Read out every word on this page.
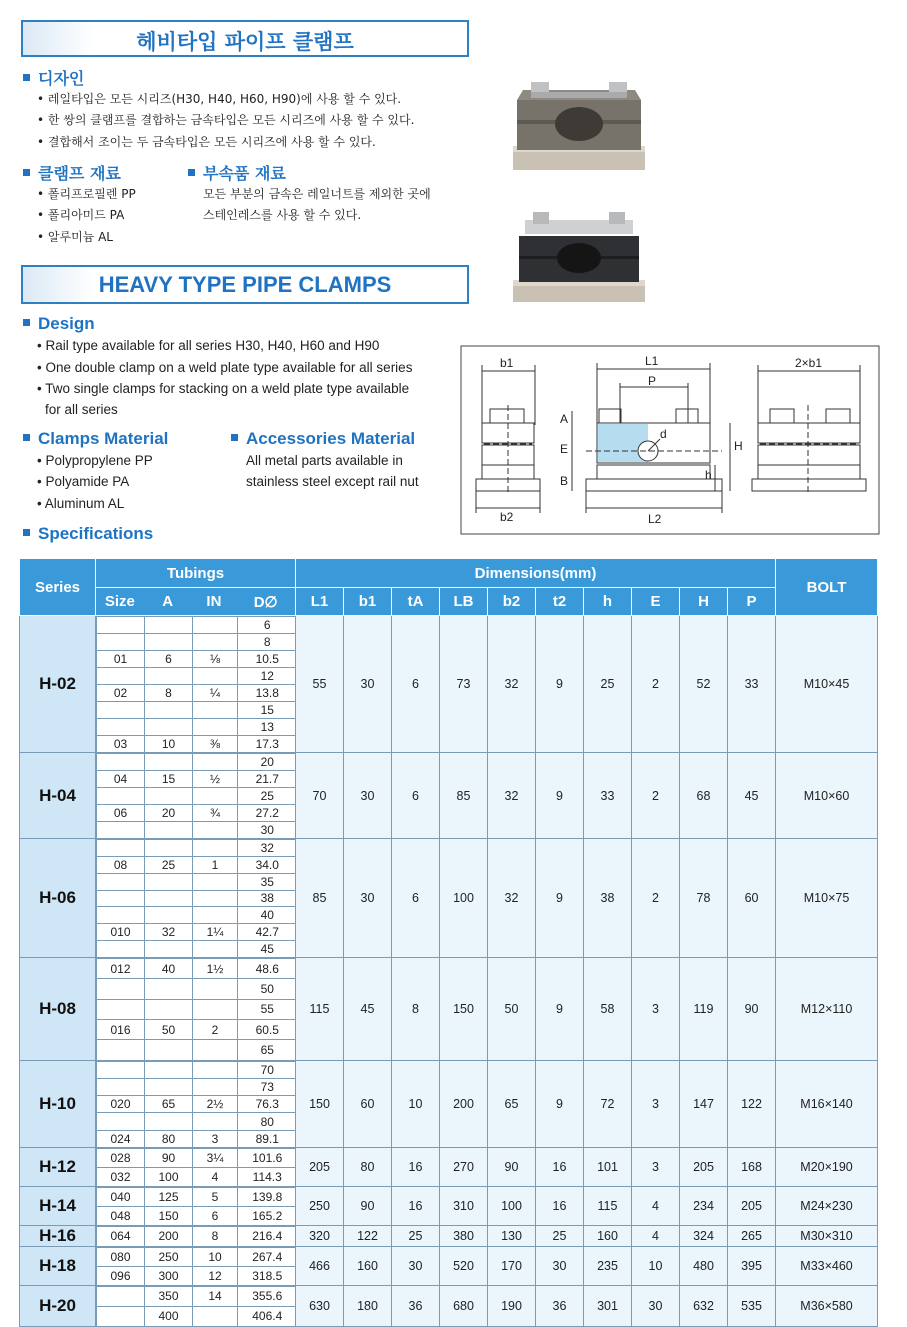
헤비타입 파이프 클램프
디자인
• 레일타입은 모든 시리즈(H30, H40, H60, H90)에 사용 할 수 있다.
• 한 쌍의 클램프를 결합하는 금속타입은 모든 시리즈에 사용 할 수 있다.
• 결합해서 조이는 두 금속타입은 모든 시리즈에 사용 할 수 있다.
클램프 재료
• 폴리프로필렌 PP
• 폴리아미드 PA
• 알루미늄 AL
부속품 재료
모든 부분의 금속은 레일너트를 제외한 곳에
스테인레스를 사용 할 수 있다.
HEAVY TYPE PIPE CLAMPS
Design
• Rail type available for all series H30, H40, H60 and H90
• One double clamp on a weld plate type available for all series
• Two single clamps for stacking on a weld plate type available
for all series
Clamps Material
• Polypropylene PP
• Polyamide PA
• Aluminum AL
Accessories Material
All metal parts available in
stainless steel except rail nut
Specifications
b1
b2
L1
P
L2
A
E
B
d
H
h
2×b1
Series	Tubings	Dimensions(mm)	BOLT

Size	A	IN	D∅	L1	b1	tA	LB	b2	t2	h	E	H	P
H-02	
			6
			8
01	6	⅛	10.5
			12
02	8	¼	13.8
			15
			13
03	10	⅜	17.3
	55	30	6	73	32	9	25	2	52	33	M10×45
H-04	
			20
04	15	½	21.7
			25
06	20	¾	27.2
			30
	70	30	6	85	32	9	33	2	68	45	M10×60
H-06	
			32
08	25	1	34.0
			35
			38
			40
010	32	1¼	42.7
			45
	85	30	6	100	32	9	38	2	78	60	M10×75
H-08	
012	40	1½	48.6
			50
			55
016	50	2	60.5
			65
	115	45	8	150	50	9	58	3	119	90	M12×110
H-10	
			70
			73
020	65	2½	76.3
			80
024	80	3	89.1
	150	60	10	200	65	9	72	3	147	122	M16×140
H-12		028	90	3¼	101.6
032	100	4	114.3
	205	80	16	270	90	16	101	3	205	168	M20×190
H-14		040	125	5	139.8
048	150	6	165.2
	250	90	16	310	100	16	115	4	234	205	M24×230
H-16		064	200	8	216.4
	320	122	25	380	130	25	160	4	324	265	M30×310
H-18		080	250	10	267.4
096	300	12	318.5
	466	160	30	520	170	30	235	10	480	395	M33×460
H-20	
		350	14	355.6
	400		406.4
	630	180	36	680	190	36	301	30	632	535	M36×580
